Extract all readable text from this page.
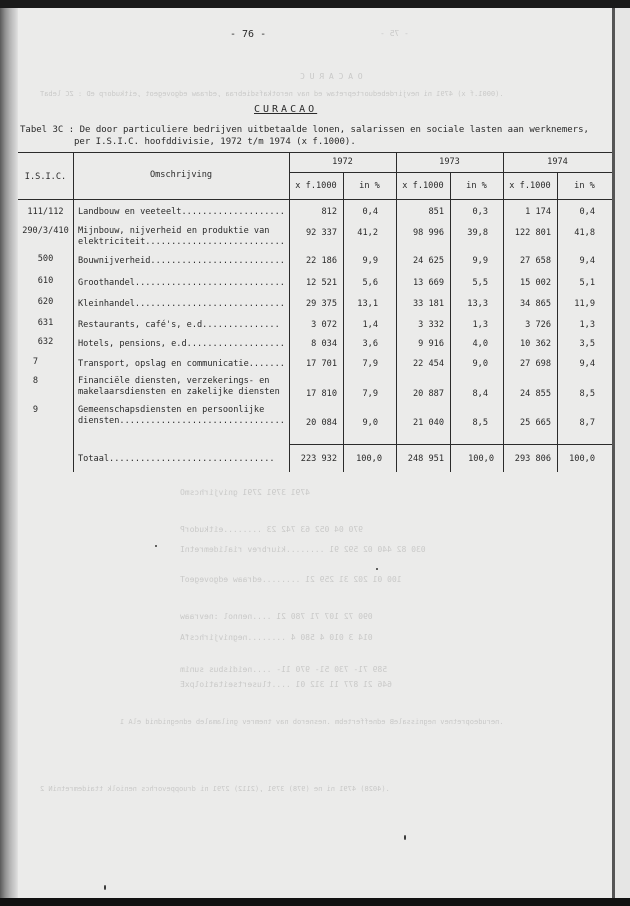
- 75 -
O A C A R U C
.(0001.f x) 4791 ni nevjirdebeduortepretaw ed nav nerotkafsdiebraa ,edraaw edgovegeot ,eitkudorp eD : ZC lebaT
4791 3791 2791 gnivjirhcsmO
970 04 052 63 742 23 ........eitkudorP
030 82 440 02 592 91 ........kiurbrev rialidemretnI
100 01 202 31 259 21 ........edraaw edgovegeoT
090 72 107 71 780 21 ....nennol :nevraaw
014 3 010 4 580 4 ........negnivjirhcsfA
589 71- 730 51- 970 11- ....neidisbus sunim
646 21 877 11 312 01 ....tlusertseitatiolpxE
.nerudeopretnev negnissaleB edneffertebm .nesnerob nav tnemrev gnilamaleb ednegnidnid elA 1
.(4028) 4791 ni ne (978) 3791 ,(2112) 2791 ni druoppevorhcs neniolk ttaidemretniN 2
- 76 -
CURACAO
Tabel 3C : De door particuliere bedrijven uitbetaalde lonen, salarissen en sociale lasten aan werknemers,
per I.S.I.C. hoofddivisie, 1972 t/m 1974 (x f.1000).
I.S.I.C.	Omschrijving
1972	1973	1974
x f.1000	in %	x f.1000	in %	x f.1000	in %
111/112	Landbouw en veeteelt....................	812	0,4	851	0,3	1 174	0,4
290/3/410	Mijnbouw, nijverheid en produktie van
elektriciteit...........................
92 337	41,2	98 996	39,8	122 801	41,8
500	Bouwnijverheid..........................	22 186	9,9	24 625	9,9	27 658	9,4
610	Groothandel.............................	12 521	5,6	13 669	5,5	15 002	5,1
620	Kleinhandel.............................	29 375	13,1	33 181	13,3	34 865	11,9
631	Restaurants, café's, e.d...............	3 072	1,4	3 332	1,3	3 726	1,3
632	Hotels, pensions, e.d...................	8 034	3,6	9 916	4,0	10 362	3,5
7	Transport, opslag en communicatie.......	17 701	7,9	22 454	9,0	27 698	9,4
8	Financiële diensten, verzekerings- en
makelaarsdiensten en zakelijke diensten	17 810	7,9	20 887	8,4	24 855	8,5
9	Gemeenschapsdiensten en persoonlijke
diensten................................	20 084	9,0	21 040	8,5	25 665	8,7
Totaal................................	223 932	100,0	248 951	100,0	293 806	100,0
